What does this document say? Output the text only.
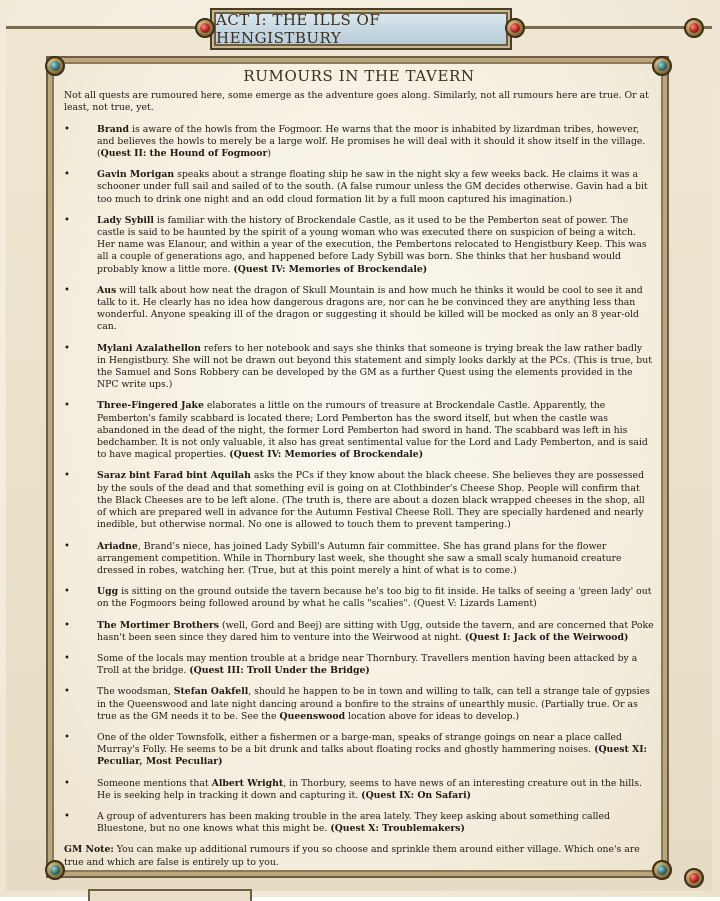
ACT I: THE ILLS OF HENGISTBURY
RUMOURS IN THE TAVERN

Not all quests are rumoured here, some emerge as the adventure goes along. Similarly, not all rumours here are true. Or at least, not true, yet.

• Brand is aware of the howls from the Fogmoor. He warns that the moor is inhabited by lizardman tribes, however, and believes the howls to merely be a large wolf. He promises he will deal with it should it show itself in the village. (Quest II: the Hound of Fogmoor)
• Gavin Morigan speaks about a strange floating ship he saw in the night sky a few weeks back. He claims it was a schooner under full sail and sailed of to the south. (A false rumour unless the GM decides otherwise. Gavin had a bit too much to drink one night and an odd cloud formation lit by a full moon captured his imagination.)
• Lady Sybill is familiar with the history of Brockendale Castle, as it used to be the Pemberton seat of power. The castle is said to be haunted by the spirit of a young woman who was executed there on suspicion of being a witch. Her name was Elanour, and within a year of the execution, the Pembertons relocated to Hengistbury Keep. This was all a couple of generations ago, and happened before Lady Sybill was born. She thinks that her husband would probably know a little more. (Quest IV: Memories of Brockendale)
• Aus will talk about how neat the dragon of Skull Mountain is and how much he thinks it would be cool to see it and talk to it. He clearly has no idea how dangerous dragons are, nor can he be convinced they are anything less than wonderful. Anyone speaking ill of the dragon or suggesting it should be killed will be mocked as only an 8 year-old can.
• Mylani Azalathellon refers to her notebook and says she thinks that someone is trying break the law rather badly in Hengistbury. She will not be drawn out beyond this statement and simply looks darkly at the PCs. (This is true, but the Samuel and Sons Robbery can be developed by the GM as a further Quest using the elements provided in the NPC write ups.)
• Three-Fingered Jake elaborates a little on the rumours of treasure at Brockendale Castle. Apparently, the Pemberton's family scabbard is located there; Lord Pemberton has the sword itself, but when the castle was abandoned in the dead of the night, the former Lord Pemberton had sword in hand. The scabbard was left in his bedchamber. It is not only valuable, it also has great sentimental value for the Lord and Lady Pemberton, and is said to have magical properties. (Quest IV: Memories of Brockendale)
• Saraz bint Farad bint Aquilah asks the PCs if they know about the black cheese. She believes they are possessed by the souls of the dead and that something evil is going on at Clothbinder's Cheese Shop. People will confirm that the Black Cheeses are to be left alone. (The truth is, there are about a dozen black wrapped cheeses in the shop, all of which are prepared well in advance for the Autumn Festival Cheese Roll. They are specially hardened and nearly inedible, but otherwise normal. No one is allowed to touch them to prevent tampering.)
• Ariadne, Brand's niece, has joined Lady Sybill's Autumn fair committee. She has grand plans for the flower arrangement competition. While in Thornbury last week, she thought she saw a small scaly humanoid creature dressed in robes, watching her. (True, but at this point merely a hint of what is to come.)
• Ugg is sitting on the ground outside the tavern because he's too big to fit inside. He talks of seeing a 'green lady' out on the Fogmoors being followed around by what he calls "scalies". (Quest V: Lizards Lament)
• The Mortimer Brothers (well, Gord and Beej) are sitting with Ugg, outside the tavern, and are concerned that Poke hasn't been seen since they dared him to venture into the Weirwood at night. (Quest I: Jack of the Weirwood)
• Some of the locals may mention trouble at a bridge near Thornbury. Travellers mention having been attacked by a Troll at the bridge. (Quest III: Troll Under the Bridge)
• The woodsman, Stefan Oakfell, should he happen to be in town and willing to talk, can tell a strange tale of gypsies in the Queenswood and late night dancing around a bonfire to the strains of unearthly music. (Partially true. Or as true as the GM needs it to be. See the Queenswood location above for ideas to develop.)
• One of the older Townsfolk, either a fishermen or a barge-man, speaks of strange goings on near a place called Murray's Folly. He seems to be a bit drunk and talks about floating rocks and ghostly hammering noises. (Quest XI: Peculiar, Most Peculiar)
• Someone mentions that Albert Wright, in Thorbury, seems to have news of an interesting creature out in the hills. He is seeking help in tracking it down and capturing it. (Quest IX: On Safari)
• A group of adventurers has been making trouble in the area lately. They keep asking about something called Bluestone, but no one knows what this might be. (Quest X: Troublemakers)

GM Note: You can make up additional rumours if you so choose and sprinkle them around either village. Which one's are true and which are false is entirely up to you.
